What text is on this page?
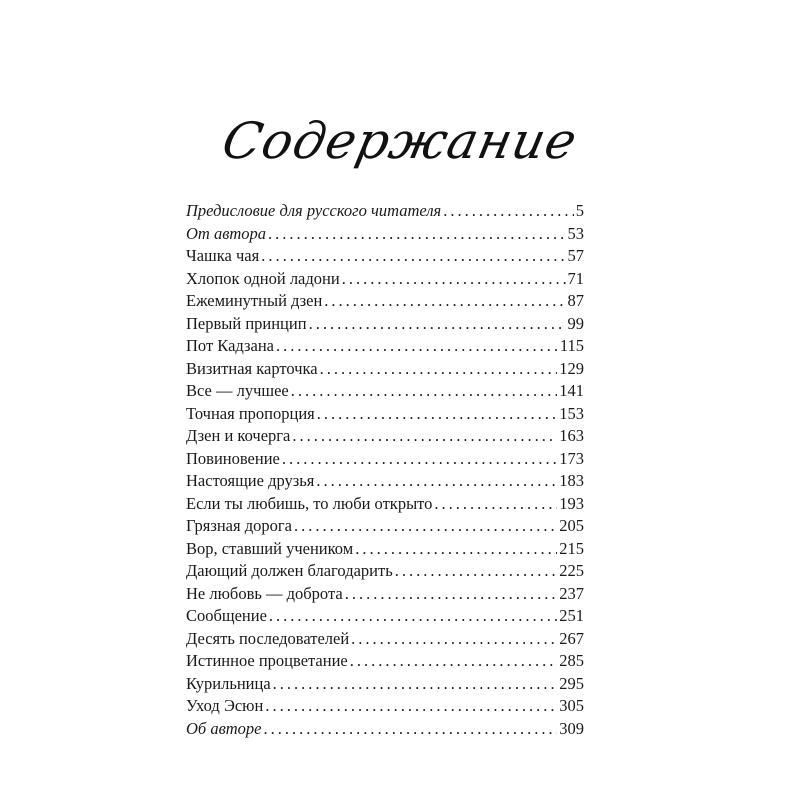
Содержание
Предисловие для русского читателя .....	5
От автора .....	53
Чашка чая .....	57
Хлопок одной ладони .....	71
Ежеминутный дзен .....	87
Первый принцип .....	99
Пот Кадзана .....	115
Визитная карточка .....	129
Все — лучшее .....	141
Точная пропорция .....	153
Дзен и кочерга .....	163
Повиновение .....	173
Настоящие друзья .....	183
Если ты любишь, то люби открыто .....	193
Грязная дорога .....	205
Вор, ставший учеником .....	215
Дающий должен благодарить .....	225
Не любовь — доброта .....	237
Сообщение .....	251
Десять последователей .....	267
Истинное процветание .....	285
Курильница .....	295
Уход Эсюн .....	305
Об авторе .....	309
